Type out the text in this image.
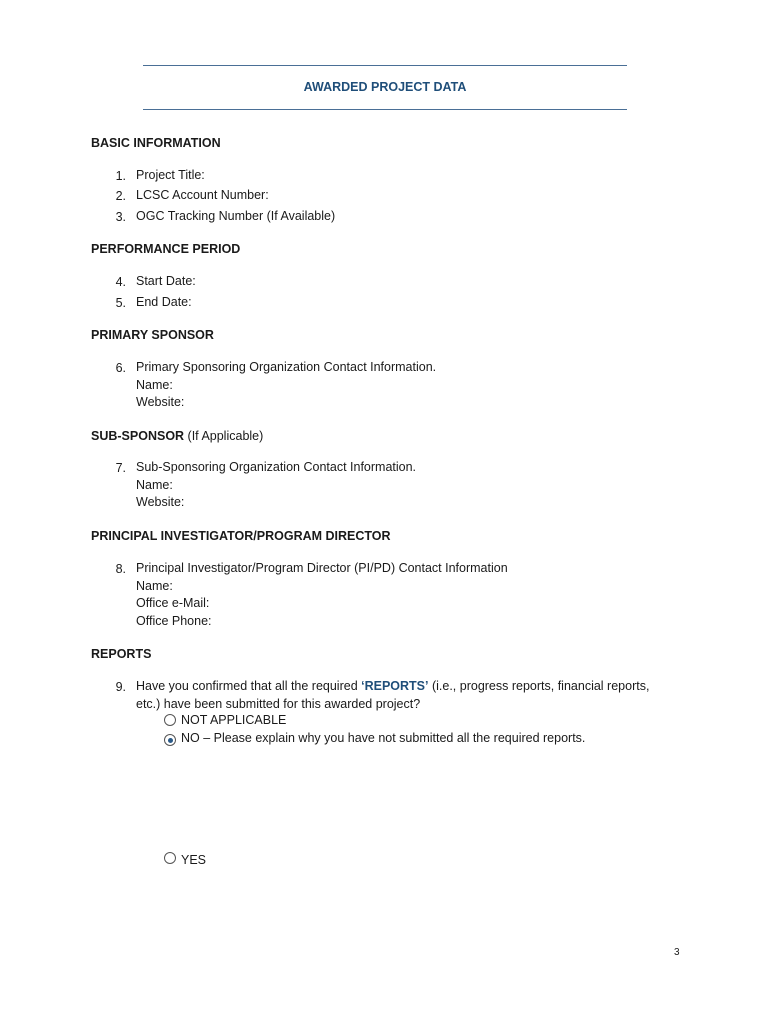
AWARDED PROJECT DATA
BASIC INFORMATION
1. Project Title:
2. LCSC Account Number:
3. OGC Tracking Number (If Available)
PERFORMANCE PERIOD
4. Start Date:
5. End Date:
PRIMARY SPONSOR
6. Primary Sponsoring Organization Contact Information.
Name:
Website:
SUB-SPONSOR (If Applicable)
7. Sub-Sponsoring Organization Contact Information.
Name:
Website:
PRINCIPAL INVESTIGATOR/PROGRAM DIRECTOR
8. Principal Investigator/Program Director (PI/PD) Contact Information
Name:
Office e-Mail:
Office Phone:
REPORTS
9. Have you confirmed that all the required ‘REPORTS’ (i.e., progress reports, financial reports,
etc.) have been submitted for this awarded project?
NOT APPLICABLE
NO – Please explain why you have not submitted all the required reports.
YES
3
